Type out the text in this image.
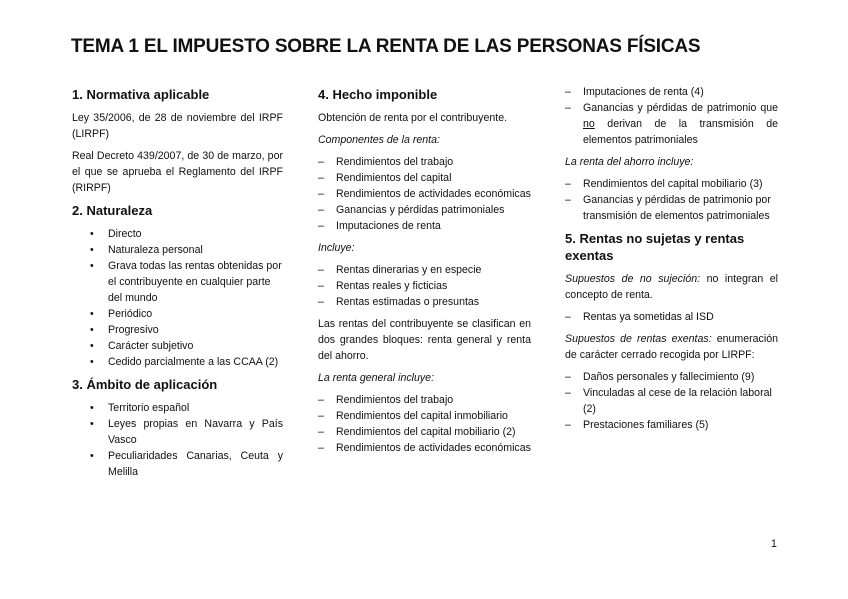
TEMA 1 EL IMPUESTO SOBRE LA RENTA DE LAS PERSONAS FÍSICAS
1. Normativa aplicable

Ley 35/2006, de 28 de noviembre del IRPF (LIRPF)

Real Decreto 439/2007, de 30 de marzo, por el que se aprueba el Reglamento del IRPF (RIRPF)

2. Naturaleza
• Directo
• Naturaleza personal
• Grava todas las rentas obtenidas por el contribuyente en cualquier parte del mundo
• Periódico
• Progresivo
• Carácter subjetivo
• Cedido parcialmente a las CCAA (2)
3. Ámbito de aplicación
• Territorio español
• Leyes propias en Navarra y País Vasco
• Peculiaridades Canarias, Ceuta y Melilla
4. Hecho imponible

Obtención de renta por el contribuyente.

Componentes de la renta:

– Rendimientos del trabajo
– Rendimientos del capital
– Rendimientos de actividades económicas
– Ganancias y pérdidas patrimoniales
– Imputaciones de renta

Incluye:

– Rentas dinerarias y en especie
– Rentas reales y ficticias
– Rentas estimadas o presuntas

Las rentas del contribuyente se clasifican en dos grandes bloques: renta general y renta del ahorro.

La renta general incluye:

– Rendimientos del trabajo
– Rendimientos del capital inmobiliario
– Rendimientos del capital mobiliario (2)
– Rendimientos de actividades económicas
– Imputaciones de renta (4)
– Ganancias y pérdidas de patrimonio que no derivan de la transmisión de elementos patrimoniales

La renta del ahorro incluye:

– Rendimientos del capital mobiliario (3)
– Ganancias y pérdidas de patrimonio por transmisión de elementos patrimoniales
5. Rentas no sujetas y rentas exentas

Supuestos de no sujeción: no integran el concepto de renta.

– Rentas ya sometidas al ISD

Supuestos de rentas exentas: enumeración de carácter cerrado recogida por LIRPF:

– Daños personales y fallecimiento (9)
– Vinculadas al cese de la relación laboral (2)
– Prestaciones familiares (5)
1
